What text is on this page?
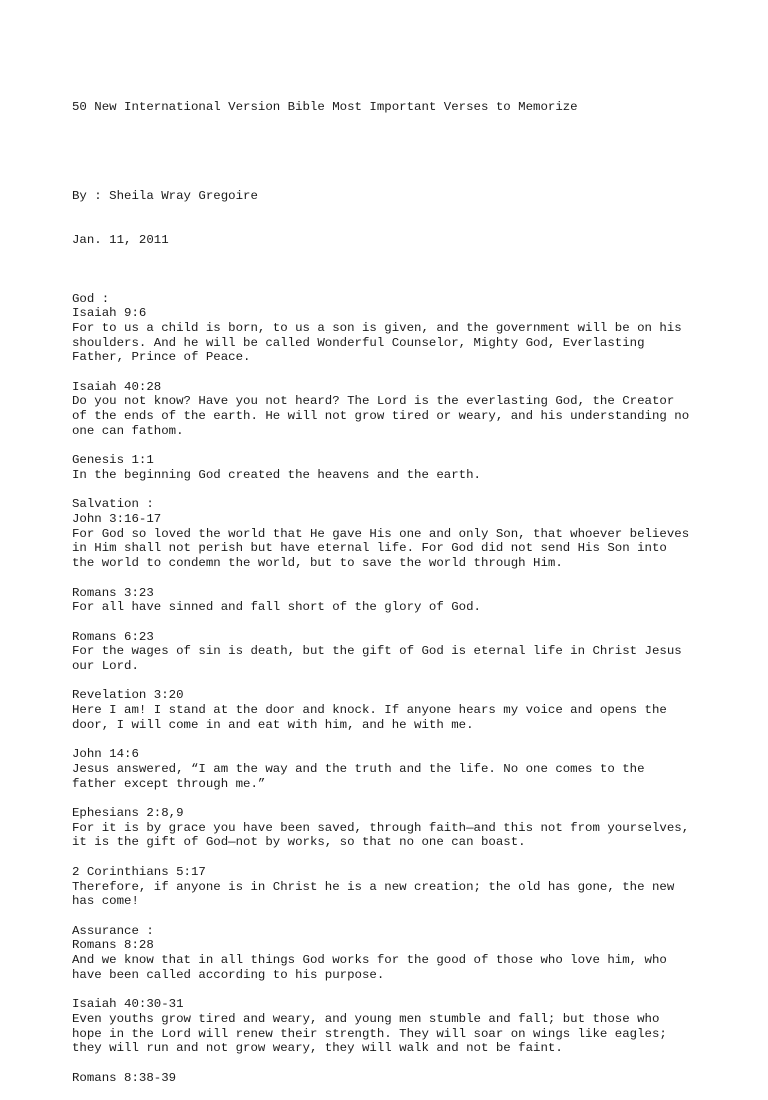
50 New International Version Bible Most Important Verses to Memorize

By : Sheila Wray Gregoire

Jan. 11, 2011

God :
Isaiah 9:6
For to us a child is born, to us a son is given, and the government will be on his
shoulders. And he will be called Wonderful Counselor, Mighty God, Everlasting
Father, Prince of Peace.
Isaiah 40:28
Do you not know? Have you not heard? The Lord is the everlasting God, the Creator
of the ends of the earth. He will not grow tired or weary, and his understanding no
one can fathom.
Genesis 1:1
In the beginning God created the heavens and the earth.
Salvation :
John 3:16-17
For God so loved the world that He gave His one and only Son, that whoever believes
in Him shall not perish but have eternal life. For God did not send His Son into
the world to condemn the world, but to save the world through Him.
Romans 3:23
For all have sinned and fall short of the glory of God.
Romans 6:23
For the wages of sin is death, but the gift of God is eternal life in Christ Jesus
our Lord.
Revelation 3:20
Here I am! I stand at the door and knock. If anyone hears my voice and opens the
door, I will come in and eat with him, and he with me.
John 14:6
Jesus answered, “I am the way and the truth and the life. No one comes to the
father except through me.”
Ephesians 2:8,9
For it is by grace you have been saved, through faith—and this not from yourselves,
it is the gift of God—not by works, so that no one can boast.
2 Corinthians 5:17
Therefore, if anyone is in Christ he is a new creation; the old has gone, the new
has come!
Assurance :
Romans 8:28
And we know that in all things God works for the good of those who love him, who
have been called according to his purpose.
Isaiah 40:30-31
Even youths grow tired and weary, and young men stumble and fall; but those who
hope in the Lord will renew their strength. They will soar on wings like eagles;
they will run and not grow weary, they will walk and not be faint.
Romans 8:38-39
